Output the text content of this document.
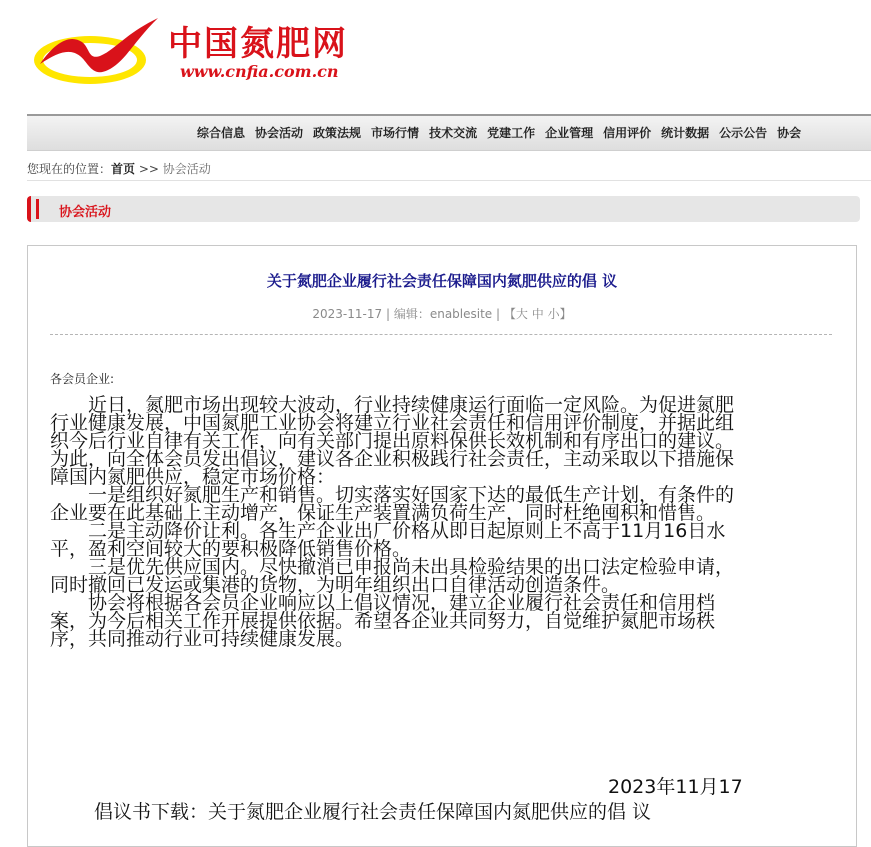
中国氮肥网
www.cnfia.com.cn
综合信息 协会活动 政策法规 市场行情 技术交流 党建工作 企业管理 信用评价 统计数据 公示公告 协会
您现在的位置：首页 >> 协会活动
协会活动
关于氮肥企业履行社会责任保障国内氮肥供应的倡 议
2023-11-17 | 编辑：enablesite | 【大 中 小】
各会员企业:

近日，氮肥市场出现较大波动，行业持续健康运行面临一定风险。为促进氮肥行业健康发展，中国氮肥工业协会将建立行业社会责任和信用评价制度，并据此组织今后行业自律有关工作，向有关部门提出原料保供长效机制和有序出口的建议。为此，向全体会员发出倡议，建议各企业积极践行社会责任，主动采取以下措施保障国内氮肥供应，稳定市场价格：

一是组织好氮肥生产和销售。切实落实好国家下达的最低生产计划，有条件的企业要在此基础上主动增产，保证生产装置满负荷生产，同时杜绝囤积和惜售。

二是主动降价让利。各生产企业出厂价格从即日起原则上不高于11月16日水平，盈利空间较大的要积极降低销售价格。

三是优先供应国内。尽快撤消已申报尚未出具检验结果的出口法定检验申请，同时撤回已发运或集港的货物，为明年组织出口自律活动创造条件。

协会将根据各会员企业响应以上倡议情况，建立企业履行社会责任和信用档案，为今后相关工作开展提供依据。希望各企业共同努力，自觉维护氮肥市场秩序，共同推动行业可持续健康发展。

2023年11月17
倡议书下载：关于氮肥企业履行社会责任保障国内氮肥供应的倡 议
